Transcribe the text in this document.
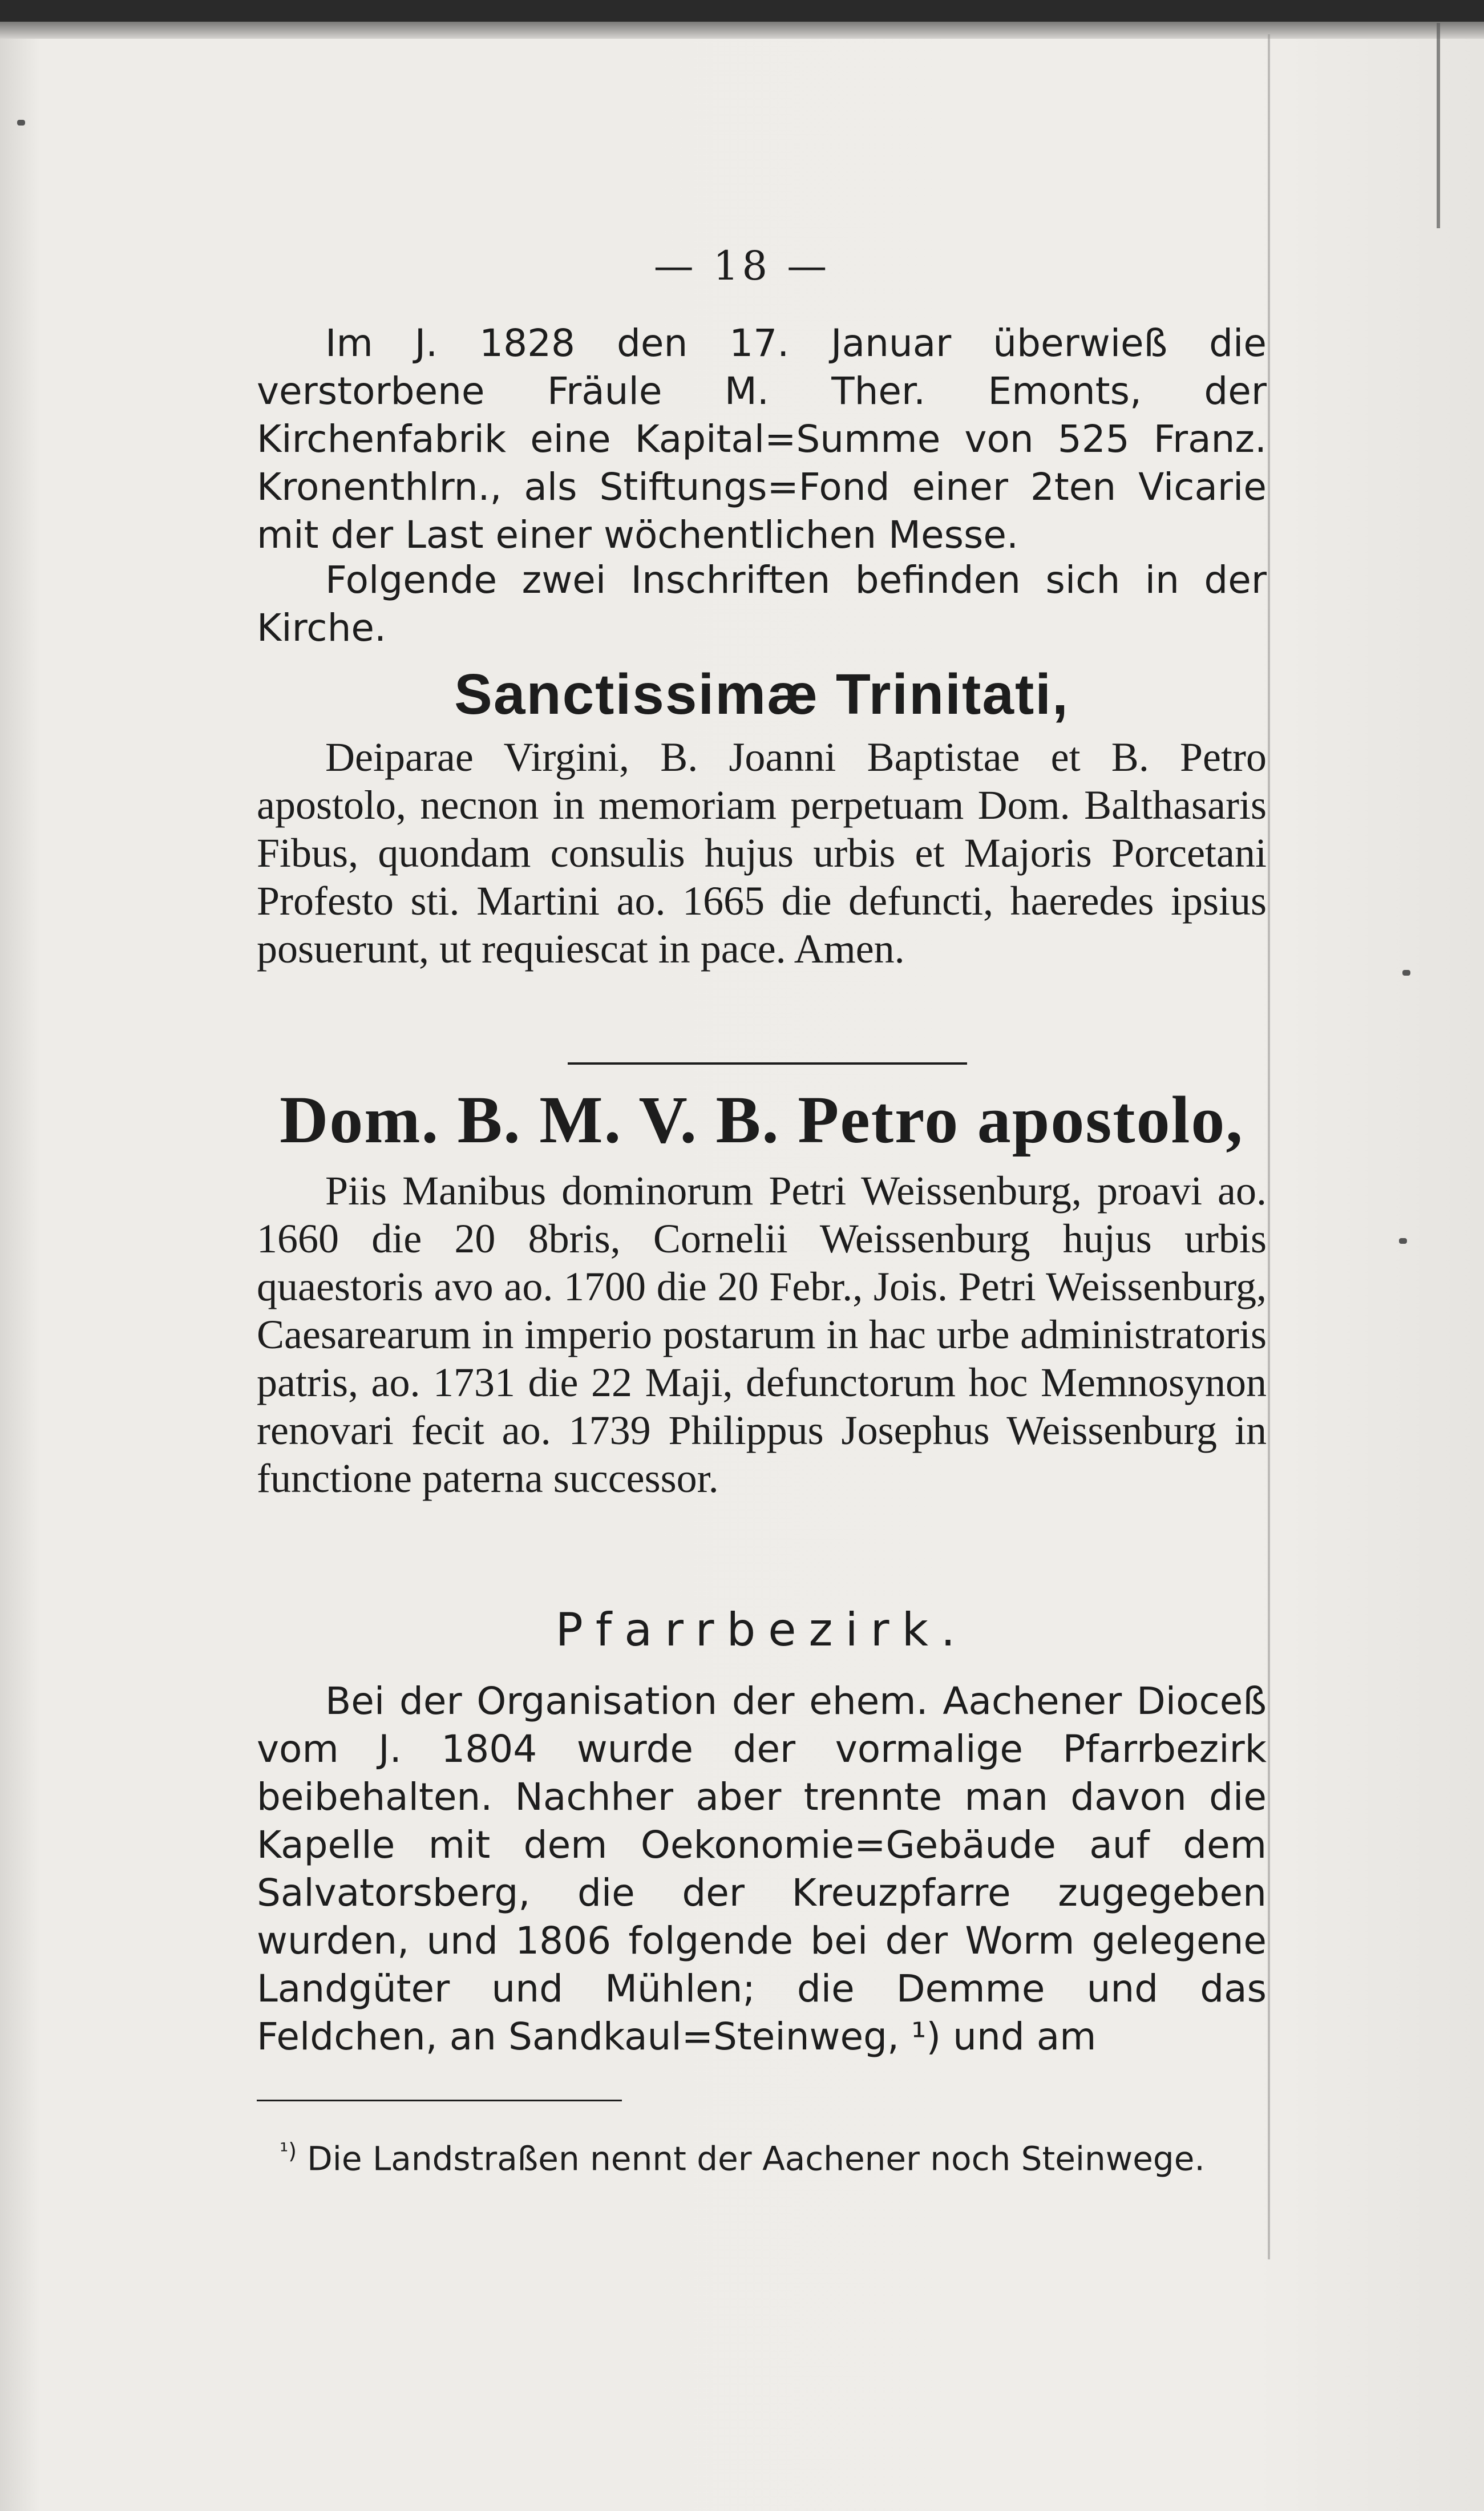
— 18 —
Im J. 1828 den 17. Januar überwieß die verstorbene Fräule M. Ther. Emonts, der Kirchenfabrik eine Kapital=Summe von 525 Franz. Kronenthlrn., als Stiftungs=Fond einer 2ten Vicarie mit der Last einer wöchentlichen Messe.
Folgende zwei Inschriften befinden sich in der Kirche.
Sanctissimæ Trinitati,
Deiparae Virgini, B. Joanni Baptistae et B. Petro apostolo, necnon in memoriam perpetuam Dom. Balthasaris Fibus, quondam consulis hujus urbis et Majoris Porcetani Profesto sti. Martini ao. 1665 die defuncti, haeredes ipsius posuerunt, ut requiescat in pace. Amen.
Dom. B. M. V. B. Petro apostolo,
Piis Manibus dominorum Petri Weissenburg, proavi ao. 1660 die 20 8bris, Cornelii Weissenburg hujus urbis quaestoris avo ao. 1700 die 20 Febr., Jois. Petri Weissenburg, Caesarearum in imperio postarum in hac urbe administratoris patris, ao. 1731 die 22 Maji, defunctorum hoc Memnosynon renovari fecit ao. 1739 Philippus Josephus Weissenburg in functione paterna successor.
Pfarrbezirk.
Bei der Organisation der ehem. Aachener Dioceß vom J. 1804 wurde der vormalige Pfarrbezirk beibehalten. Nachher aber trennte man davon die Kapelle mit dem Oekonomie=Gebäude auf dem Salvatorsberg, die der Kreuzpfarre zugegeben wurden, und 1806 folgende bei der Worm gelegene Landgüter und Mühlen; die Demme und das Feldchen, an Sandkaul=Steinweg, ¹) und am
$^{^1)}$ Die Landstraßen nennt der Aachener noch Steinwege.
